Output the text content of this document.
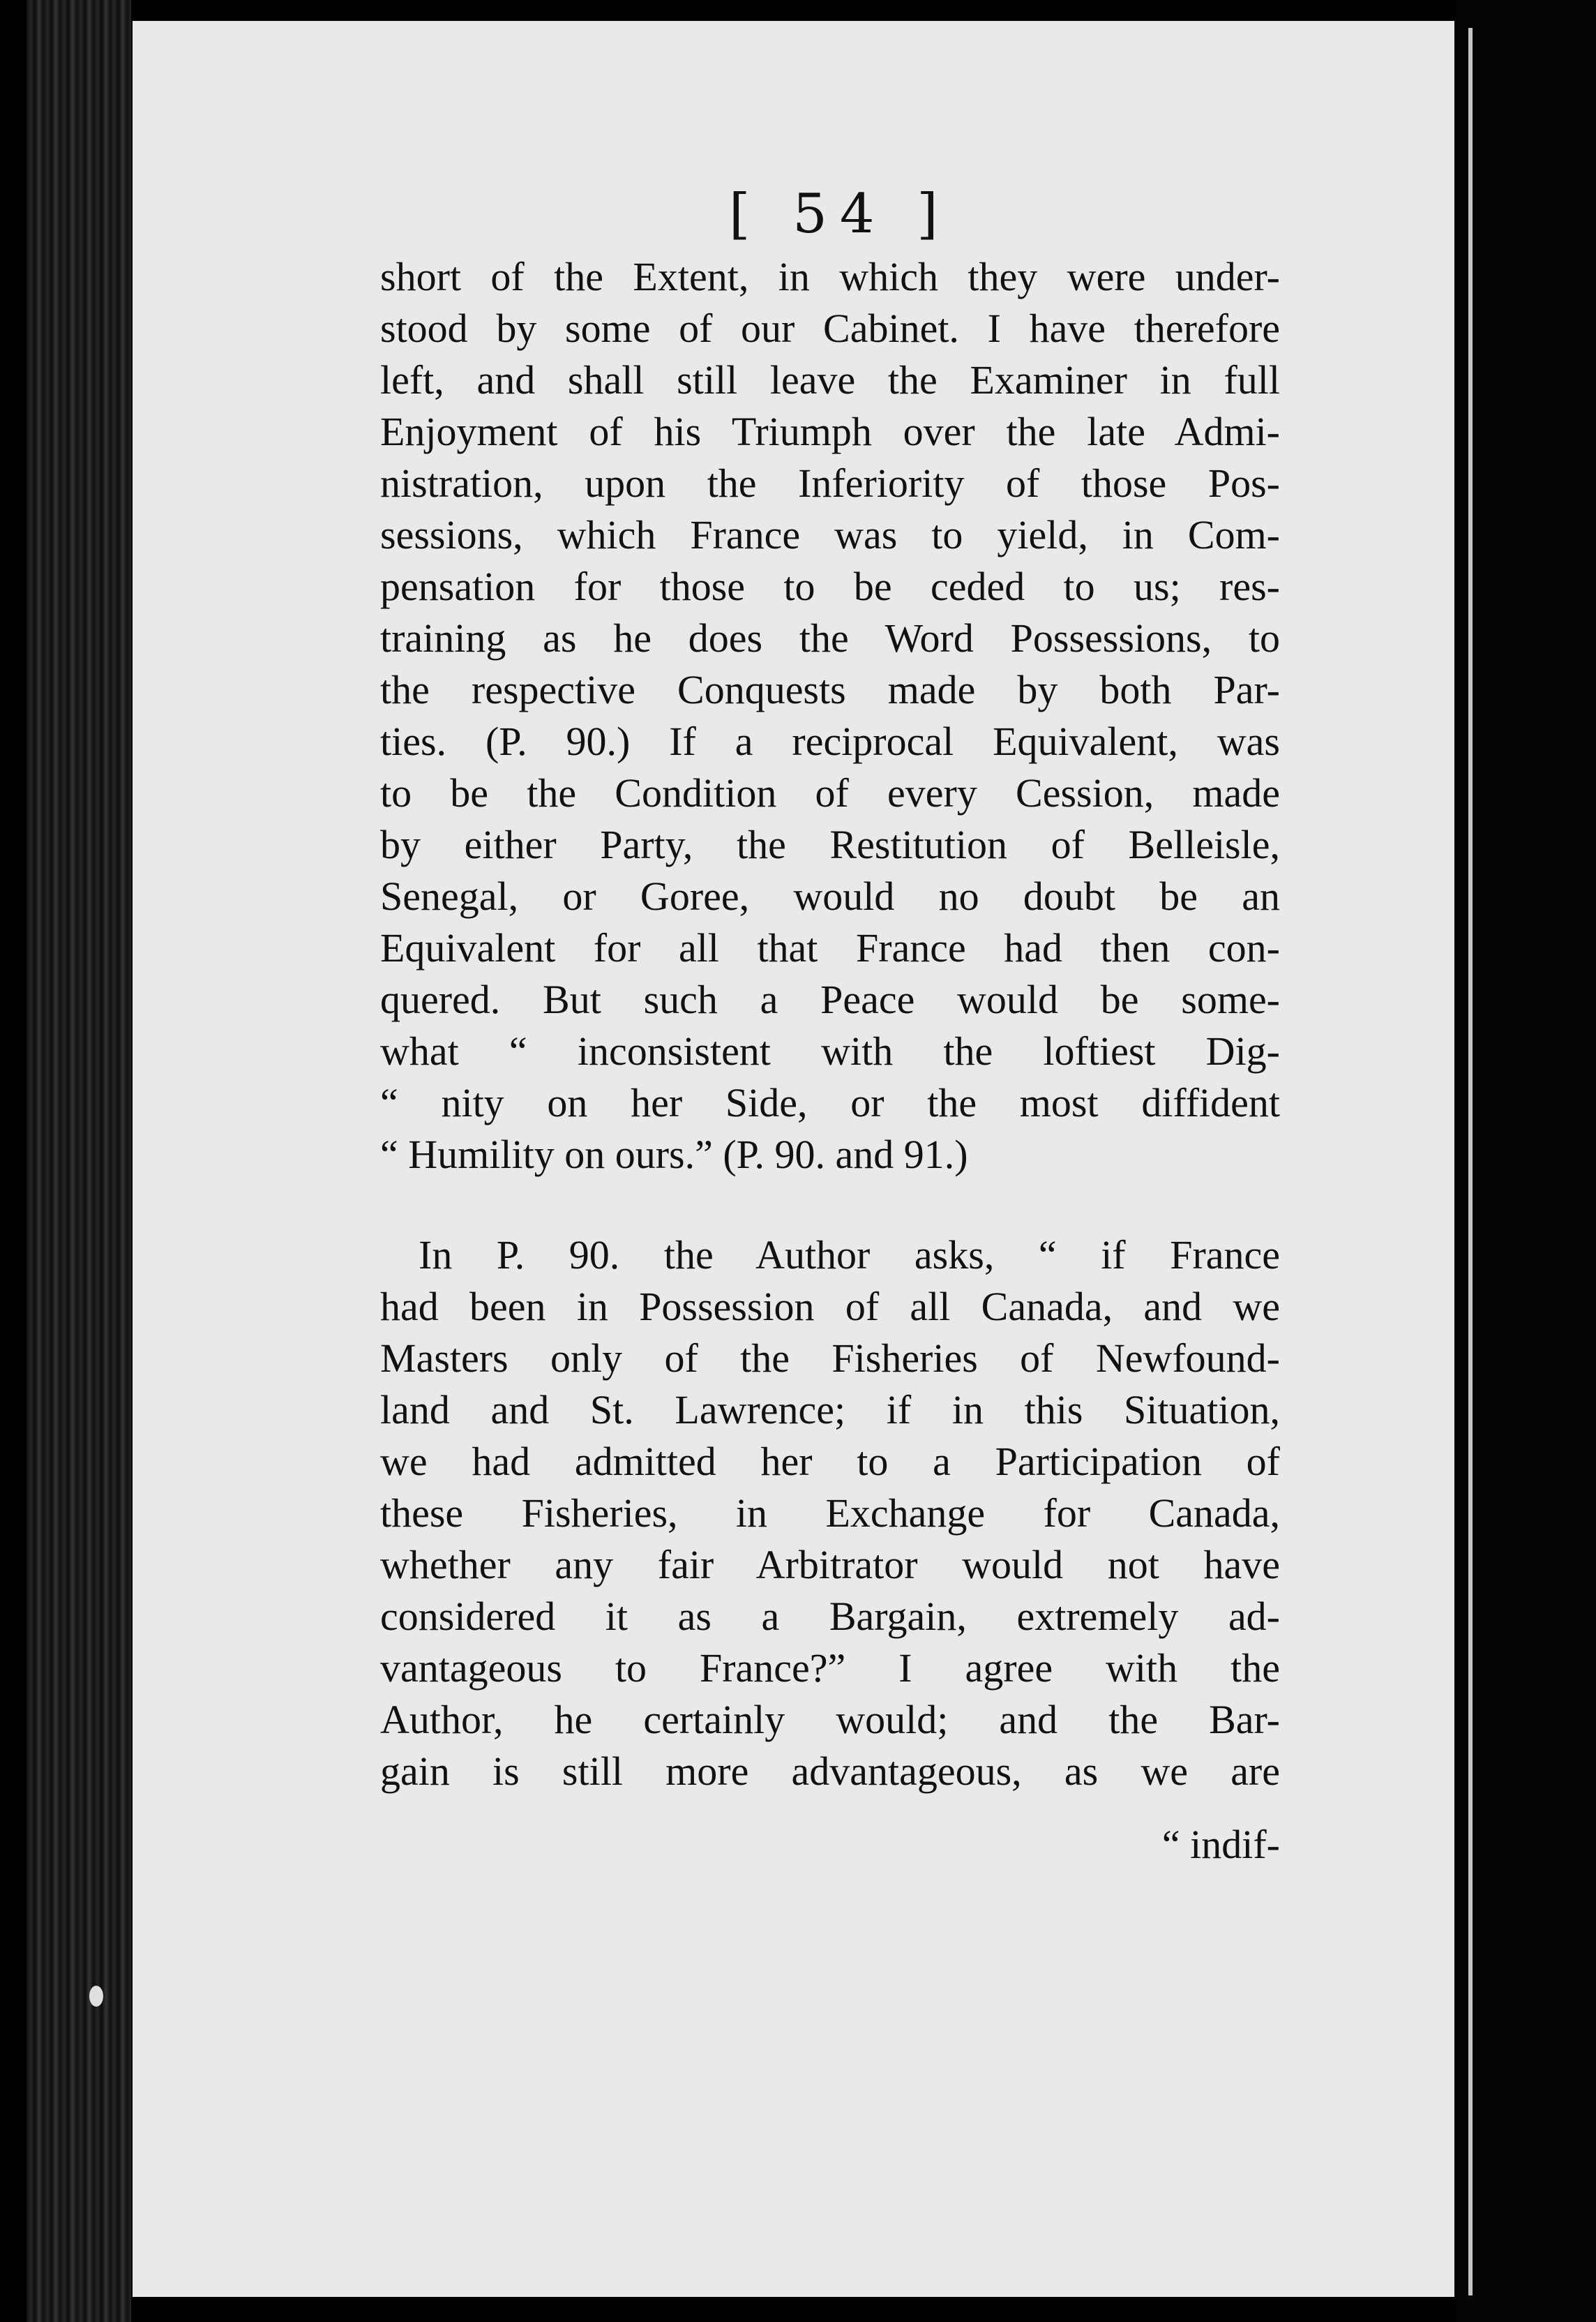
[ 54 ]
short of the Extent, in which they were under-
stood by some of our Cabinet. I have therefore
left, and shall still leave the Examiner in full
Enjoyment of his Triumph over the late Admi-
nistration, upon the Inferiority of those Pos-
sessions, which France was to yield, in Com-
pensation for those to be ceded to us; res-
training as he does the Word Possessions, to
the respective Conquests made by both Par-
ties. (P. 90.) If a reciprocal Equivalent, was
to be the Condition of every Cession, made
by either Party, the Restitution of Belleisle,
Senegal, or Goree, would no doubt be an
Equivalent for all that France had then con-
quered. But such a Peace would be some-
what “ inconsistent with the loftiest Dig-
“ nity on her Side, or the most diffident
“ Humility on ours.” (P. 90. and 91.)
In P. 90. the Author asks, “ if France
had been in Possession of all Canada, and we
Masters only of the Fisheries of Newfound-
land and St. Lawrence; if in this Situation,
we had admitted her to a Participation of
these Fisheries, in Exchange for Canada,
whether any fair Arbitrator would not have
considered it as a Bargain, extremely ad-
vantageous to France?” I agree with the
Author, he certainly would; and the Bar-
gain is still more advantageous, as we are
“ indif-
